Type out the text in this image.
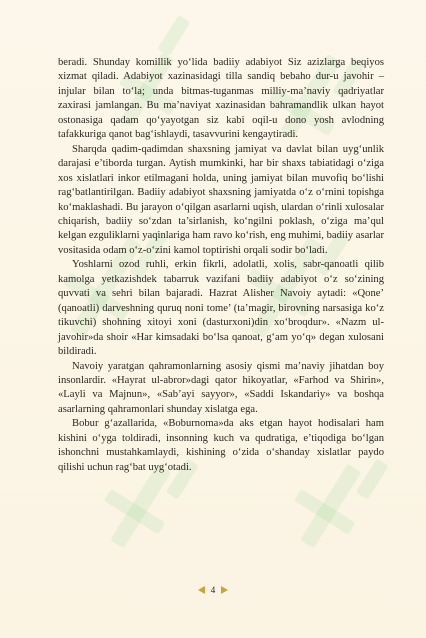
beradi. Shunday komillik yo‘lida badiiy adabiyot Siz azizlarga beqiyos xizmat qiladi. Adabiyot xazinasidagi tilla sandiq bebaho dur-u javohir – injular bilan to‘la; unda bitmas-tuganmas milliy-ma’naviy qadriyatlar zaxirasi jamlangan. Bu ma’naviyat xazinasidan bahramandlik ulkan hayot ostonasiga qadam qo‘yayotgan siz kabi oqil-u dono yosh avlodning tafakkuriga qanot bag‘ishlaydi, tasavvurini kengaytiradi.

Sharqda qadim-qadimdan shaxsning jamiyat va davlat bilan uyg‘unlik darajasi e’tiborda turgan. Aytish mumkinki, har bir shaxs tabiatidagi o‘ziga xos xislatlari inkor etilmagani holda, uning jamiyat bilan muvofiq bo‘lishi rag‘batlantirilgan. Badiiy adabiyot shaxsning jamiyatda o‘z o‘rnini topishga ko‘maklashadi. Bu jarayon o‘qilgan asarlarni uqish, ulardan o‘rinli xulosalar chiqarish, badiiy so‘zdan ta’sirlanish, ko‘ngilni poklash, o‘ziga ma’qul kelgan ezguliklarni yaqinlariga ham ravo ko‘rish, eng muhimi, badiiy asarlar vositasida odam o‘z-o‘zini kamol toptirishi orqali sodir bo‘ladi.

Yoshlarni ozod ruhli, erkin fikrli, adolatli, xolis, sabr-qanoatli qilib kamolga yetkazishdek tabarruk vazifani badiiy adabiyot o‘z so‘zining quvvati va sehri bilan bajaradi. Hazrat Alisher Navoiy aytadi: «Qone’ (qanoatli) darveshning quruq noni tome’ (ta’magir, birovning narsasiga ko‘z tikuvchi) shohning xitoyi xoni (dasturxoni)din xo‘broqdur». «Nazm ul-javohir»da shoir «Har kimsadaki bo‘lsa qanoat, g‘am yo‘q» degan xulosani bildiradi.

Navoiy yaratgan qahramonlarning asosiy qismi ma’naviy jihatdan boy insonlardir. «Hayrat ul-abror»dagi qator hikoyatlar, «Farhod va Shirin», «Layli va Majnun», «Sab’ayi sayyor», «Saddi Iskandariy» va boshqa asarlarning qahramonlari shunday xislatga ega.

Bobur g‘azallarida, «Boburnoma»da aks etgan hayot hodisalari ham kishini o‘yga toldiradi, insonning kuch va qudratiga, e’tiqodiga bo‘lgan ishonchni mustahkamlaydi, kishining o‘zida o‘shanday xislatlar paydo qilishi uchun rag‘bat uyg‘otadi.

4
